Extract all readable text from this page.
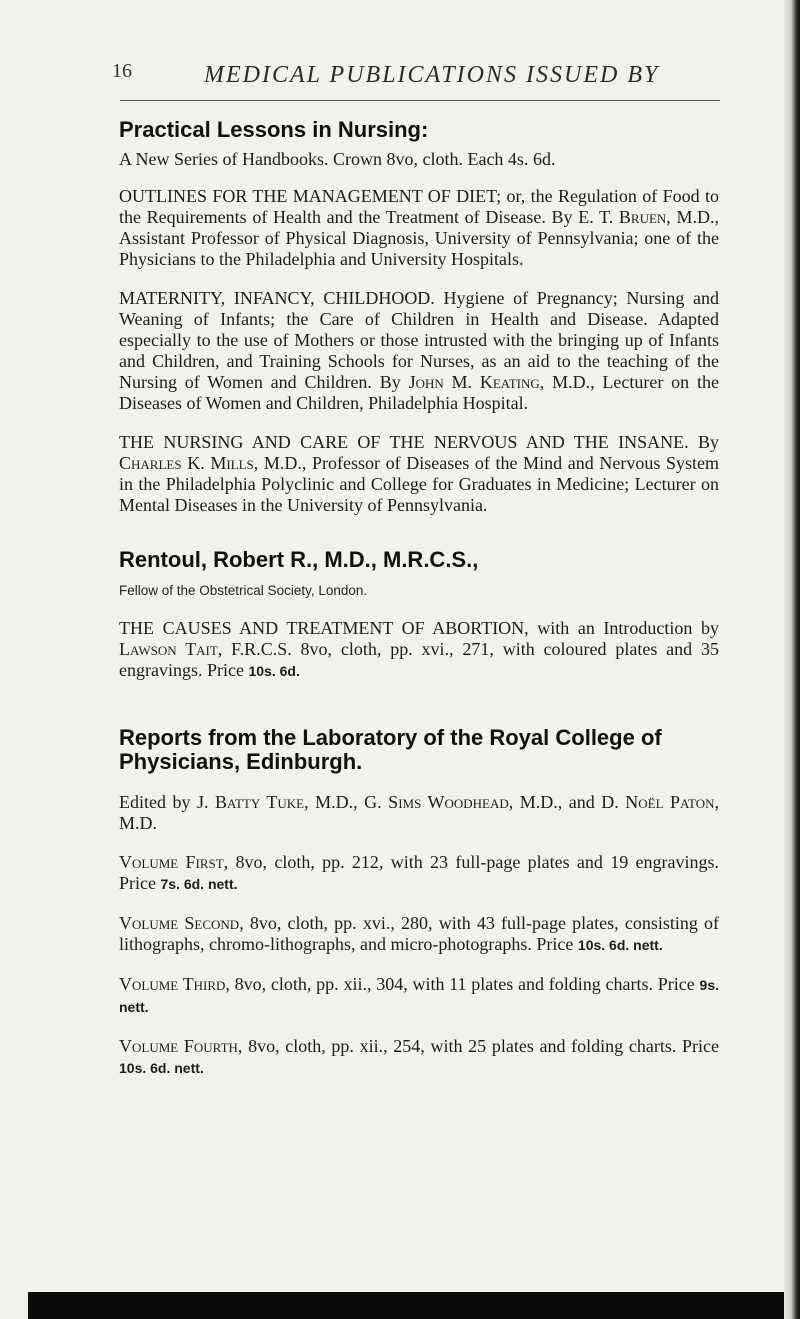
16	MEDICAL PUBLICATIONS ISSUED BY
Practical Lessons in Nursing:

A New Series of Handbooks. Crown 8vo, cloth. Each 4s. 6d.

OUTLINES FOR THE MANAGEMENT OF DIET; or, the Regulation of Food to the Requirements of Health and the Treatment of Disease. By E. T. Bruen, M.D., Assistant Professor of Physical Diagnosis, University of Pennsylvania; one of the Physicians to the Philadelphia and University Hospitals.

MATERNITY, INFANCY, CHILDHOOD. Hygiene of Pregnancy; Nursing and Weaning of Infants; the Care of Children in Health and Disease. Adapted especially to the use of Mothers or those intrusted with the bringing up of Infants and Children, and Training Schools for Nurses, as an aid to the teaching of the Nursing of Women and Children. By John M. Keating, M.D., Lecturer on the Diseases of Women and Children, Philadelphia Hospital.

THE NURSING AND CARE OF THE NERVOUS AND THE INSANE. By Charles K. Mills, M.D., Professor of Diseases of the Mind and Nervous System in the Philadelphia Polyclinic and College for Graduates in Medicine; Lecturer on Mental Diseases in the University of Pennsylvania.

Rentoul, Robert R., M.D., M.R.C.S.,

Fellow of the Obstetrical Society, London.

THE CAUSES AND TREATMENT OF ABORTION, with an Introduction by Lawson Tait, F.R.C.S. 8vo, cloth, pp. xvi., 271, with coloured plates and 35 engravings. Price 10s. 6d.

Reports from the Laboratory of the Royal College of Physicians, Edinburgh.

Edited by J. Batty Tuke, M.D., G. Sims Woodhead, M.D., and D. Noël Paton, M.D.

Volume First, 8vo, cloth, pp. 212, with 23 full-page plates and 19 engravings. Price 7s. 6d. nett.

Volume Second, 8vo, cloth, pp. xvi., 280, with 43 full-page plates, consisting of lithographs, chromo-lithographs, and micro-photographs. Price 10s. 6d. nett.

Volume Third, 8vo, cloth, pp. xii., 304, with 11 plates and folding charts. Price 9s. nett.

Volume Fourth, 8vo, cloth, pp. xii., 254, with 25 plates and folding charts. Price 10s. 6d. nett.
